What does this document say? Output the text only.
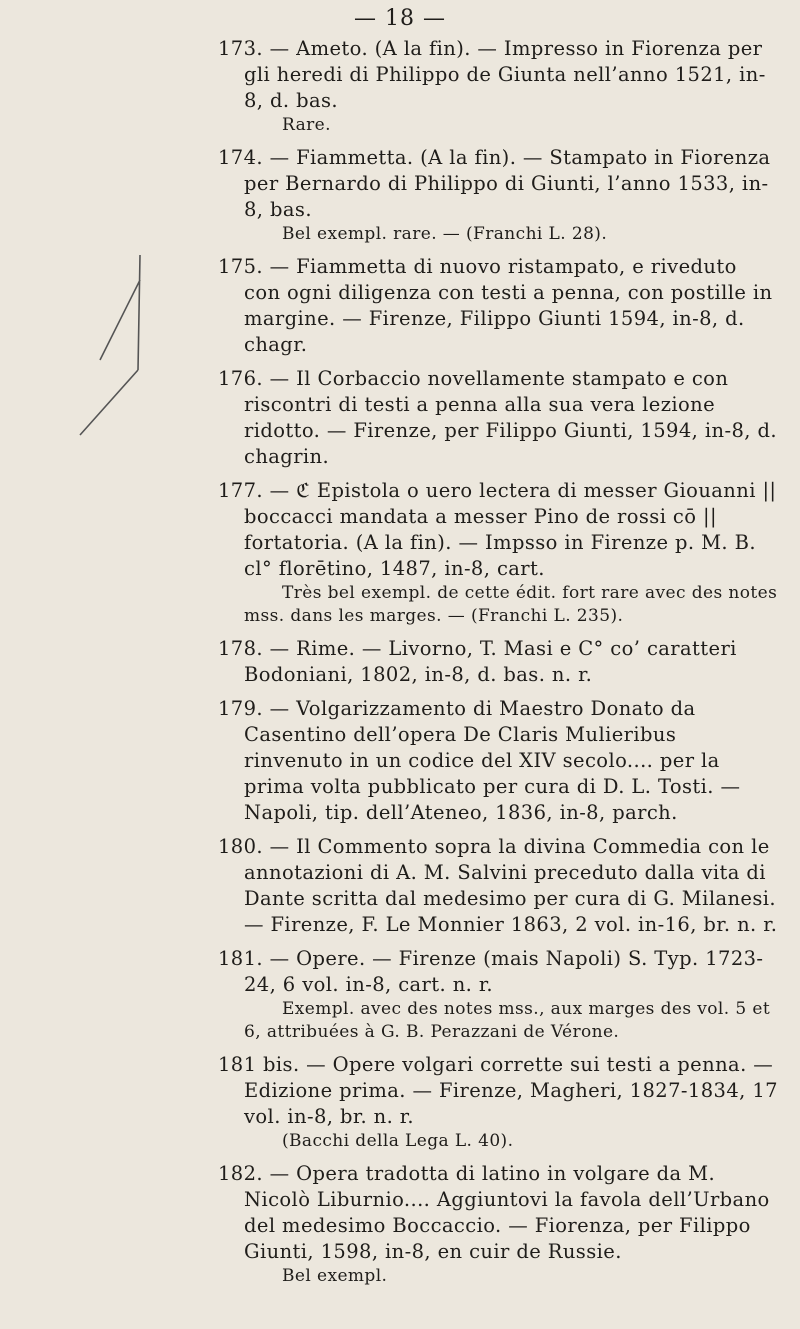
— 18 —
173. — Ameto. (A la fin). — Impresso in Fiorenza per gli heredi di Philippo de Giunta nell’anno 1521, in-8, d. bas.
Rare.
174. — Fiammetta. (A la fin). — Stampato in Fiorenza per Bernardo di Philippo di Giunti, l’anno 1533, in-8, bas.
Bel exempl. rare. — (Franchi L. 28).
175. — Fiammetta di nuovo ristampato, e riveduto con ogni diligenza con testi a penna, con postille in margine. — Firenze, Filippo Giunti 1594, in-8, d. chagr.
176. — Il Corbaccio novellamente stampato e con riscontri di testi a penna alla sua vera lezione ridotto. — Firenze, per Filippo Giunti, 1594, in-8, d. chagrin.
177. — ℭ Epistola o uero lectera di messer Giouanni || boccacci mandata a messer Pino de rossi cō || fortatoria. (A la fin). — Impsso in Firenze p. M. B. cl° florētino, 1487, in-8, cart.
Très bel exempl. de cette édit. fort rare avec des notes mss. dans les marges. — (Franchi L. 235).
178. — Rime. — Livorno, T. Masi e C° co’ caratteri Bodoniani, 1802, in-8, d. bas. n. r.
179. — Volgarizzamento di Maestro Donato da Casentino dell’opera De Claris Mulieribus rinvenuto in un codice del XIV secolo.... per la prima volta pubblicato per cura di D. L. Tosti. — Napoli, tip. dell’Ateneo, 1836, in-8, parch.
180. — Il Commento sopra la divina Commedia con le annotazioni di A. M. Salvini preceduto dalla vita di Dante scritta dal medesimo per cura di G. Milanesi. — Firenze, F. Le Monnier 1863, 2 vol. in-16, br. n. r.
181. — Opere. — Firenze (mais Napoli) S. Typ. 1723-24, 6 vol. in-8, cart. n. r.
Exempl. avec des notes mss., aux marges des vol. 5 et 6, attribuées à G. B. Perazzani de Vérone.
181 bis. — Opere volgari corrette sui testi a penna. — Edizione prima. — Firenze, Magheri, 1827-1834, 17 vol. in-8, br. n. r.
(Bacchi della Lega L. 40).
182. — Opera tradotta di latino in volgare da M. Nicolò Liburnio.... Aggiuntovi la favola dell’Urbano del medesimo Boccaccio. — Fiorenza, per Filippo Giunti, 1598, in-8, en cuir de Russie.
Bel exempl.
